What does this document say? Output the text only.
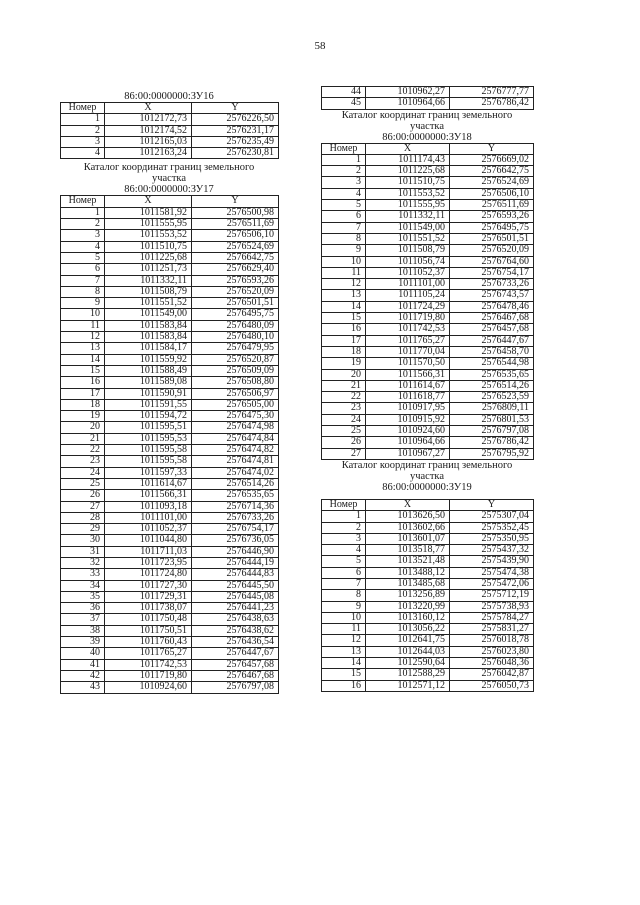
58
86:00:0000000:ЗУ16
Номер	X	Y
1	1012172,73	2576226,50
2	1012174,52	2576231,17
3	1012165,03	2576235,49
4	1012163,24	2576230,81
Каталог координат границ земельного
участка
86:00:0000000:ЗУ17
Номер	X	Y
1	1011581,92	2576500,98
2	1011555,95	2576511,69
3	1011553,52	2576506,10
4	1011510,75	2576524,69
5	1011225,68	2576642,75
6	1011251,73	2576629,40
7	1011332,11	2576593,26
8	1011508,79	2576520,09
9	1011551,52	2576501,51
10	1011549,00	2576495,75
11	1011583,84	2576480,09
12	1011583,84	2576480,10
13	1011584,17	2576479,95
14	1011559,92	2576520,87
15	1011588,49	2576509,09
16	1011589,08	2576508,80
17	1011590,91	2576506,97
18	1011591,55	2576505,00
19	1011594,72	2576475,30
20	1011595,51	2576474,98
21	1011595,53	2576474,84
22	1011595,58	2576474,82
23	1011595,58	2576474,81
24	1011597,33	2576474,02
25	1011614,67	2576514,26
26	1011566,31	2576535,65
27	1011093,18	2576714,36
28	1011101,00	2576733,26
29	1011052,37	2576754,17
30	1011044,80	2576736,05
31	1011711,03	2576446,90
32	1011723,95	2576444,19
33	1011724,80	2576444,83
34	1011727,30	2576445,50
35	1011729,31	2576445,08
36	1011738,07	2576441,23
37	1011750,48	2576438,63
38	1011750,51	2576438,62
39	1011760,43	2576436,54
40	1011765,27	2576447,67
41	1011742,53	2576457,68
42	1011719,80	2576467,68
43	1010924,60	2576797,08
44	1010962,27	2576777,77
45	1010964,66	2576786,42
Каталог координат границ земельного
участка
86:00:0000000:ЗУ18
Номер	X	Y
1	1011174,43	2576669,02
2	1011225,68	2576642,75
3	1011510,75	2576524,69
4	1011553,52	2576506,10
5	1011555,95	2576511,69
6	1011332,11	2576593,26
7	1011549,00	2576495,75
8	1011551,52	2576501,51
9	1011508,79	2576520,09
10	1011056,74	2576764,60
11	1011052,37	2576754,17
12	1011101,00	2576733,26
13	1011105,24	2576743,57
14	1011724,29	2576478,46
15	1011719,80	2576467,68
16	1011742,53	2576457,68
17	1011765,27	2576447,67
18	1011770,04	2576458,70
19	1011570,50	2576544,98
20	1011566,31	2576535,65
21	1011614,67	2576514,26
22	1011618,77	2576523,59
23	1010917,95	2576809,11
24	1010915,92	2576801,53
25	1010924,60	2576797,08
26	1010964,66	2576786,42
27	1010967,27	2576795,92
Каталог координат границ земельного
участка
86:00:0000000:ЗУ19
Номер	X	Y
1	1013626,50	2575307,04
2	1013602,66	2575352,45
3	1013601,07	2575350,95
4	1013518,77	2575437,32
5	1013521,48	2575439,90
6	1013488,12	2575474,38
7	1013485,68	2575472,06
8	1013256,89	2575712,19
9	1013220,99	2575738,93
10	1013160,12	2575784,27
11	1013056,22	2575831,27
12	1012641,75	2576018,78
13	1012644,03	2576023,80
14	1012590,64	2576048,36
15	1012588,29	2576042,87
16	1012571,12	2576050,73
